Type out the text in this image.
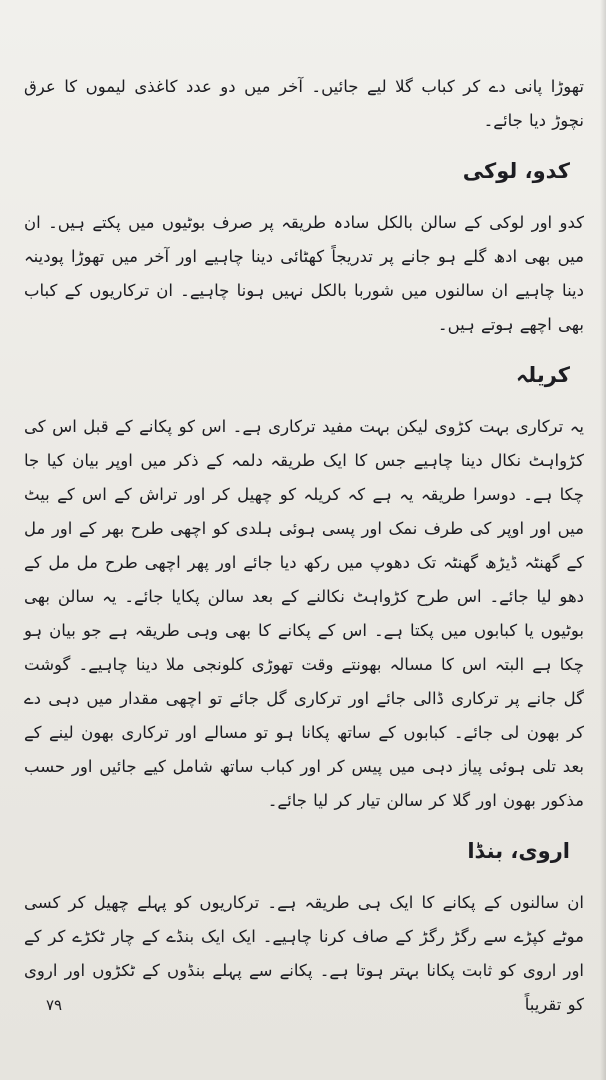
تھوڑا پانی دے کر کباب گلا لیے جائیں۔ آخر میں دو عدد کاغذی لیموں کا عرق نچوڑ دیا جائے۔

کدو، لوکی

کدو اور لوکی کے سالن بالکل سادہ طریقہ پر صرف بوٹیوں میں پکتے ہیں۔ ان میں بھی ادھ گلے ہو جانے پر تدریجاً کھٹائی دینا چاہیے اور آخر میں تھوڑا پودینہ دینا چاہیے ان سالنوں میں شوربا بالکل نہیں ہونا چاہیے۔ ان ترکاریوں کے کباب بھی اچھے ہوتے ہیں۔

کریلہ

یہ ترکاری بہت کڑوی لیکن بہت مفید ترکاری ہے۔ اس کو پکانے کے قبل اس کی کڑواہٹ نکال دینا چاہیے جس کا ایک طریقہ دلمہ کے ذکر میں اوپر بیان کیا جا چکا ہے۔ دوسرا طریقہ یہ ہے کہ کریلہ کو چھیل کر اور تراش کے اس کے بیٹ میں اور اوپر کی طرف نمک اور پسی ہوئی ہلدی کو اچھی طرح بھر کے اور مل کے گھنٹہ ڈیڑھ گھنٹہ تک دھوپ میں رکھ دیا جائے اور پھر اچھی طرح مل مل کے دھو لیا جائے۔ اس طرح کڑواہٹ نکالنے کے بعد سالن پکایا جائے۔ یہ سالن بھی بوٹیوں یا کبابوں میں پکتا ہے۔ اس کے پکانے کا بھی وہی طریقہ ہے جو بیان ہو چکا ہے البتہ اس کا مسالہ بھونتے وقت تھوڑی کلونجی ملا دینا چاہیے۔ گوشت گل جانے پر ترکاری ڈالی جائے اور ترکاری گل جائے تو اچھی مقدار میں دہی دے کر بھون لی جائے۔ کبابوں کے ساتھ پکانا ہو تو مسالے اور ترکاری بھون لینے کے بعد تلی ہوئی پیاز دہی میں پیس کر اور کباب ساتھ شامل کیے جائیں اور حسب مذکور بھون اور گلا کر سالن تیار کر لیا جائے۔

اروی، بنڈا

ان سالنوں کے پکانے کا ایک ہی طریقہ ہے۔ ترکاریوں کو پہلے چھیل کر کسی موٹے کپڑے سے رگڑ رگڑ کے صاف کرنا چاہیے۔ ایک ایک بنڈے کے چار ٹکڑے کر کے اور اروی کو ثابت پکانا بہتر ہوتا ہے۔ پکانے سے پہلے بنڈوں کے ٹکڑوں اور اروی کو تقریباً

۷۹
